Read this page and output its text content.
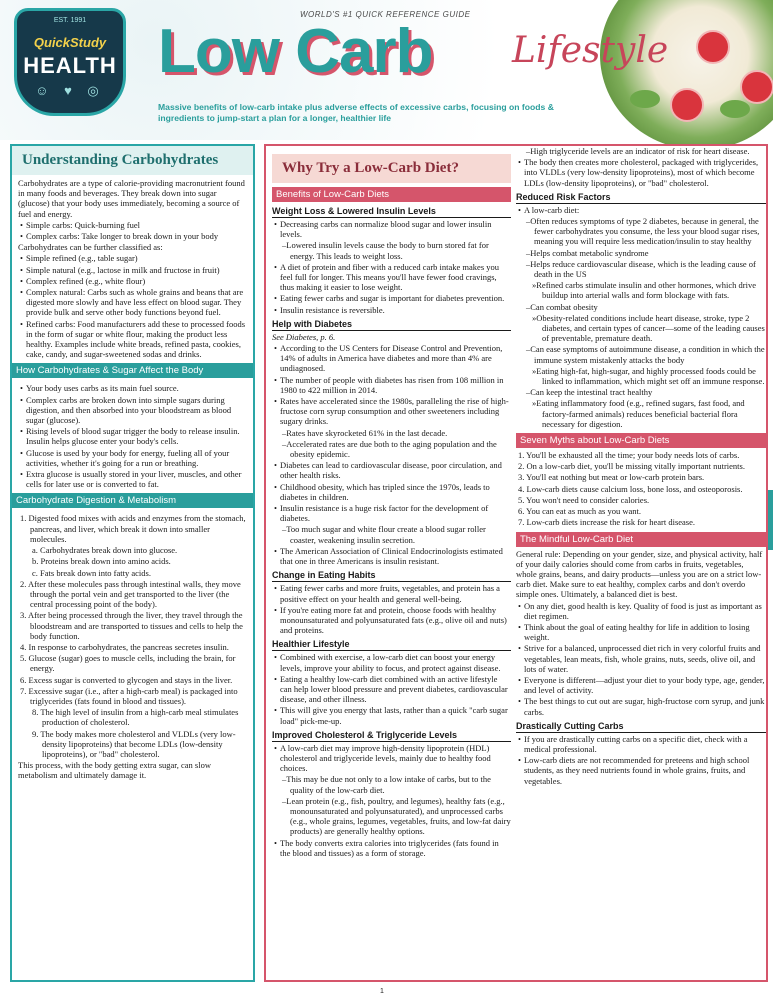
EST. 1991
QuickStudy
HEALTH
☺ ♥ ◎
WORLD'S #1 QUICK REFERENCE GUIDE
Low Carb Lifestyle
Massive benefits of low-carb intake plus adverse effects of excessive carbs, focusing on foods & ingredients to jump-start a plan for a longer, healthier life
Understanding Carbohydrates
Carbohydrates are a type of calorie-providing macronutrient found in many foods and beverages. They break down into sugar (glucose) that your body uses immediately, becoming a source of fuel and energy.
• Simple carbs: Quick-burning fuel
• Complex carbs: Take longer to break down in your body
Carbohydrates can be further classified as:
• Simple refined (e.g., table sugar)
• Simple natural (e.g., lactose in milk and fructose in fruit)
• Complex refined (e.g., white flour)
• Complex natural: Carbs such as whole grains and beans that are digested more slowly and have less effect on blood sugar. They provide bulk and serve other body functions beyond fuel.
• Refined carbs: Food manufacturers add these to processed foods in the form of sugar or white flour, making the product less healthy. Examples include white breads, refined pasta, cookies, cake, candy, and sugar-sweetened sodas and drinks.
How Carbohydrates & Sugar Affect the Body
• Your body uses carbs as its main fuel source.
• Complex carbs are broken down into simple sugars during digestion, and then absorbed into your bloodstream as blood sugar (glucose).
• Rising levels of blood sugar trigger the body to release insulin. Insulin helps glucose enter your body's cells.
• Glucose is used by your body for energy, fueling all of your activities, whether it's going for a run or breathing.
• Extra glucose is usually stored in your liver, muscles, and other cells for later use or is converted to fat.
Carbohydrate Digestion & Metabolism
1. Digested food mixes with acids and enzymes from the stomach, pancreas, and liver, which break it down into smaller molecules.
a. Carbohydrates break down into glucose.
b. Proteins break down into amino acids.
c. Fats break down into fatty acids.
2. After these molecules pass through intestinal walls, they move through the portal vein and get transported to the liver (the central processing point of the body).
3. After being processed through the liver, they travel through the bloodstream and are transported to tissues and cells to help the body function.
4. In response to carbohydrates, the pancreas secretes insulin.
5. Glucose (sugar) goes to muscle cells, including the brain, for energy.
6. Excess sugar is converted to glycogen and stays in the liver.
7. Excessive sugar (i.e., after a high-carb meal) is packaged into triglycerides (fats found in blood and tissues).
8. The high level of insulin from a high-carb meal stimulates production of cholesterol.
9. The body makes more cholesterol and VLDLs (very low-density lipoproteins) that become LDLs (low-density lipoproteins), or "bad" cholesterol.
This process, with the body getting extra sugar, can slow metabolism and ultimately damage it.
Why Try a Low-Carb Diet?
Benefits of Low-Carb Diets
Weight Loss & Lowered Insulin Levels
• Decreasing carbs can normalize blood sugar and lower insulin levels.
– Lowered insulin levels cause the body to burn stored fat for energy. This leads to weight loss.
• A diet of protein and fiber with a reduced carb intake makes you feel full for longer. This means you'll have fewer food cravings, thus making it easier to lose weight.
• Eating fewer carbs and sugar is important for diabetes prevention.
• Insulin resistance is reversible.
Help with Diabetes
See Diabetes, p. 6.
• According to the US Centers for Disease Control and Prevention, 14% of adults in America have diabetes and more than 4% are undiagnosed.
• The number of people with diabetes has risen from 108 million in 1980 to 422 million in 2014.
• Rates have accelerated since the 1980s, paralleling the rise of high-fructose corn syrup consumption and other sweeteners including sugary drinks.
– Rates have skyrocketed 61% in the last decade.
– Accelerated rates are due both to the aging population and the obesity epidemic.
• Diabetes can lead to cardiovascular disease, poor circulation, and other health risks.
• Childhood obesity, which has tripled since the 1970s, leads to diabetes in children.
• Insulin resistance is a huge risk factor for the development of diabetes.
– Too much sugar and white flour create a blood sugar roller coaster, weakening insulin secretion.
• The American Association of Clinical Endocrinologists estimated that one in three Americans is insulin resistant.
Change in Eating Habits
• Eating fewer carbs and more fruits, vegetables, and protein has a positive effect on your health and general well-being.
• If you're eating more fat and protein, choose foods with healthy monounsaturated and polyunsaturated fats (e.g., olive oil and nuts) and proteins.
Healthier Lifestyle
• Combined with exercise, a low-carb diet can boost your energy levels, improve your ability to focus, and protect against disease.
• Eating a healthy low-carb diet combined with an active lifestyle can help lower blood pressure and prevent diabetes, cardiovascular disease, and other illness.
• This will give you energy that lasts, rather than a quick "carb sugar load" pick-me-up.
Improved Cholesterol & Triglyceride Levels
• A low-carb diet may improve high-density lipoprotein (HDL) cholesterol and triglyceride levels, mainly due to healthy food choices.
– This may be due not only to a low intake of carbs, but to the quality of the low-carb diet.
– Lean protein (e.g., fish, poultry, and legumes), healthy fats (e.g., monounsaturated and polyunsaturated), and unprocessed carbs (e.g., whole grains, legumes, vegetables, fruits, and low-fat dairy products) are generally healthy options.
• The body converts extra calories into triglycerides (fats found in the blood and tissues) as a form of storage.
– High triglyceride levels are an indicator of risk for heart disease.
• The body then creates more cholesterol, packaged with triglycerides, into VLDLs (very low-density lipoproteins), most of which become LDLs (low-density lipoproteins), or "bad" cholesterol.
Reduced Risk Factors
• A low-carb diet:
– Often reduces symptoms of type 2 diabetes, because in general, the fewer carbohydrates you consume, the less your blood sugar rises, meaning you will require less medication/insulin to stay healthy
– Helps combat metabolic syndrome
– Helps reduce cardiovascular disease, which is the leading cause of death in the US
» Refined carbs stimulate insulin and other hormones, which drive buildup into arterial walls and form blockage with fats.
– Can combat obesity
» Obesity-related conditions include heart disease, stroke, type 2 diabetes, and certain types of cancer—some of the leading causes of preventable, premature death.
– Can ease symptoms of autoimmune disease, a condition in which the immune system mistakenly attacks the body
» Eating high-fat, high-sugar, and highly processed foods could be linked to inflammation, which might set off an immune response.
– Can keep the intestinal tract healthy
» Eating inflammatory food (e.g., refined sugars, fast food, and factory-farmed animals) reduces beneficial bacterial flora necessary for digestion.
Seven Myths about Low-Carb Diets
1. You'll be exhausted all the time; your body needs lots of carbs.
2. On a low-carb diet, you'll be missing vitally important nutrients.
3. You'll eat nothing but meat or low-carb protein bars.
4. Low-carb diets cause calcium loss, bone loss, and osteoporosis.
5. You won't need to consider calories.
6. You can eat as much as you want.
7. Low-carb diets increase the risk for heart disease.
The Mindful Low-Carb Diet
General rule: Depending on your gender, size, and physical activity, half of your daily calories should come from carbs in fruits, vegetables, whole grains, beans, and dairy products—unless you are on a strict low-carb diet. Make sure to eat healthy, complex carbs and don't overdo simple ones. Ultimately, a balanced diet is best.
• On any diet, good health is key. Quality of food is just as important as diet regimen.
• Think about the goal of eating healthy for life in addition to losing weight.
• Strive for a balanced, unprocessed diet rich in very colorful fruits and vegetables, lean meats, fish, whole grains, nuts, seeds, olive oil, and lots of water.
• Everyone is different—adjust your diet to your body type, age, gender, and level of activity.
• The best things to cut out are sugar, high-fructose corn syrup, and junk carbs.
Drastically Cutting Carbs
• If you are drastically cutting carbs on a specific diet, check with a medical professional.
• Low-carb diets are not recommended for preteens and high school students, as they need nutrients found in whole grains, fruits, and vegetables.
1
